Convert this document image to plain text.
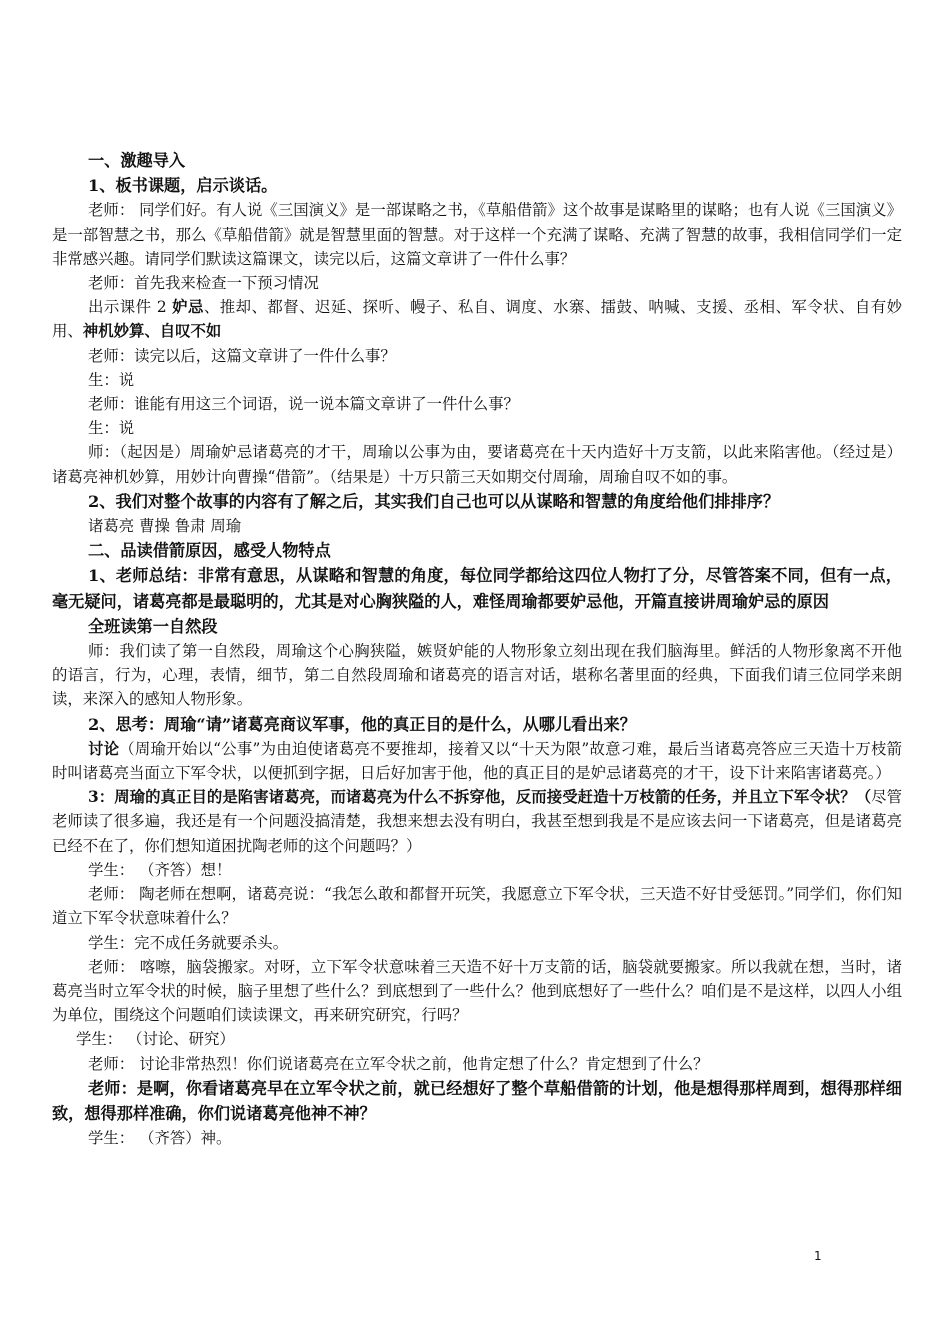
一、激趣导入

1、板书课题，启示谈话。

老师： 同学们好。有人说《三国演义》是一部谋略之书，《草船借箭》这个故事是谋略里的谋略；也有人说《三国演义》是一部智慧之书，那么《草船借箭》就是智慧里面的智慧。对于这样一个充满了谋略、充满了智慧的故事，我相信同学们一定非常感兴趣。请同学们默读这篇课文，读完以后，这篇文章讲了一件什么事？

老师：首先我来检查一下预习情况

出示课件 2 妒忌、推却、都督、迟延、探听、幔子、私自、调度、水寨、擂鼓、呐喊、支援、丞相、军令状、自有妙用、神机妙算、自叹不如

老师：读完以后，这篇文章讲了一件什么事？

生：说

老师：谁能有用这三个词语，说一说本篇文章讲了一件什么事？

生：说

师：（起因是）周瑜妒忌诸葛亮的才干，周瑜以公事为由，要诸葛亮在十天内造好十万支箭，以此来陷害他。（经过是）诸葛亮神机妙算，用妙计向曹操“借箭”。（结果是）十万只箭三天如期交付周瑜，周瑜自叹不如的事。

2、我们对整个故事的内容有了解之后，其实我们自己也可以从谋略和智慧的角度给他们排排序？

诸葛亮 曹操 鲁肃 周瑜

二、品读借箭原因，感受人物特点

1、老师总结：非常有意思，从谋略和智慧的角度，每位同学都给这四位人物打了分，尽管答案不同，但有一点，毫无疑问，诸葛亮都是最聪明的，尤其是对心胸狭隘的人，难怪周瑜都要妒忌他，开篇直接讲周瑜妒忌的原因

全班读第一自然段

师：我们读了第一自然段，周瑜这个心胸狭隘，嫉贤妒能的人物形象立刻出现在我们脑海里。鲜活的人物形象离不开他的语言，行为，心理，表情，细节，第二自然段周瑜和诸葛亮的语言对话，堪称名著里面的经典，下面我们请三位同学来朗读，来深入的感知人物形象。

2、思考：周瑜“请”诸葛亮商议军事，他的真正目的是什么，从哪儿看出来？

讨论（周瑜开始以“公事”为由迫使诸葛亮不要推却，接着又以“十天为限”故意刁难，最后当诸葛亮答应三天造十万枝箭时叫诸葛亮当面立下军令状，以便抓到字据，日后好加害于他，他的真正目的是妒忌诸葛亮的才干，设下计来陷害诸葛亮。）

3：周瑜的真正目的是陷害诸葛亮，而诸葛亮为什么不拆穿他，反而接受赶造十万枝箭的任务，并且立下军令状？（尽管老师读了很多遍，我还是有一个问题没搞清楚，我想来想去没有明白，我甚至想到我是不是应该去问一下诸葛亮，但是诸葛亮已经不在了，你们想知道困扰陶老师的这个问题吗？）

学生： （齐答）想！

老师： 陶老师在想啊，诸葛亮说：“我怎么敢和都督开玩笑，我愿意立下军令状，三天造不好甘受惩罚。”同学们，你们知道立下军令状意味着什么？

学生：完不成任务就要杀头。

老师： 喀嚓，脑袋搬家。对呀，立下军令状意味着三天造不好十万支箭的话，脑袋就要搬家。所以我就在想，当时，诸葛亮当时立军令状的时候，脑子里想了些什么？到底想到了一些什么？他到底想好了一些什么？咱们是不是这样，以四人小组为单位，围绕这个问题咱们读读课文，再来研究研究，行吗？

学生： （讨论、研究）

老师： 讨论非常热烈！你们说诸葛亮在立军令状之前，他肯定想了什么？肯定想到了什么？

老师：是啊，你看诸葛亮早在立军令状之前，就已经想好了整个草船借箭的计划，他是想得那样周到，想得那样细致，想得那样准确，你们说诸葛亮他神不神？

学生： （齐答）神。

1
